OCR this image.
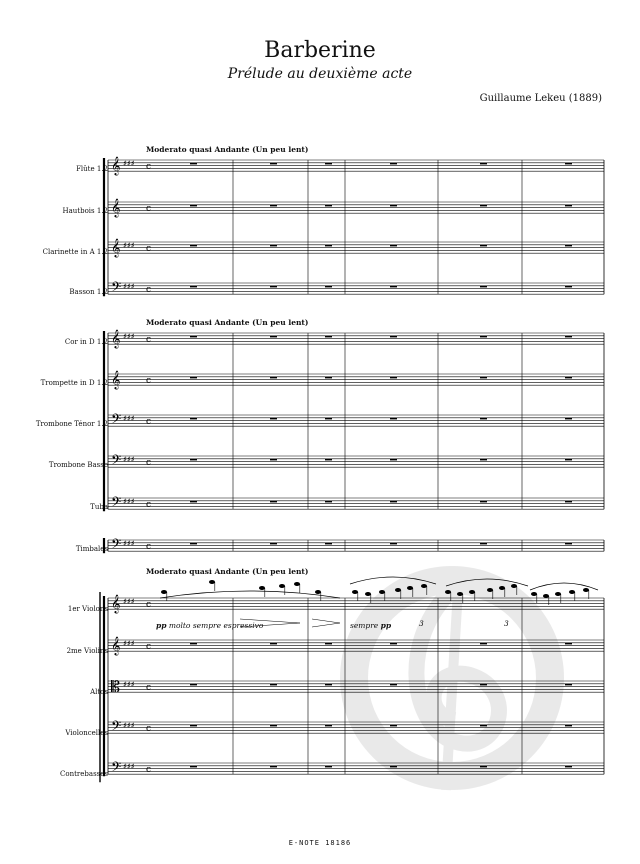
Barberine
Prélude au deuxième acte
Guillaume Lekeu (1889)
Moderato quasi Andante (Un peu lent)
Moderato quasi Andante (Un peu lent)
Moderato quasi Andante (Un peu lent)
Flûte 1.2
Hautbois 1.2
Clarinette in A 1.2
Basson 1.2
Cor in D 1.2
Trompette in D 1.2
Trombone Ténor 1.2
Trombone Basse
Tuba
Timbales
1er Violons
2me Violins
Altos
Violoncelles
Contrebasses
𝄞 ♯♯♯ c
𝄞	c
𝄞 ♯♯♯ c
𝄢 ♯♯♯ c
𝄞 ♯♯♯ c
𝄞	c
𝄢 ♯♯♯ c
𝄢 ♯♯♯ c
𝄢 ♯♯♯ c
𝄢 ♯♯♯ c
𝄞 ♯♯♯ c
𝄞 ♯♯♯ c
𝄡 ♯♯♯ c
𝄢 ♯♯♯ c
𝄢 ♯♯♯ c
pp molto sempre espressivo	sempre pp	3	3
E-NOTE 18186
